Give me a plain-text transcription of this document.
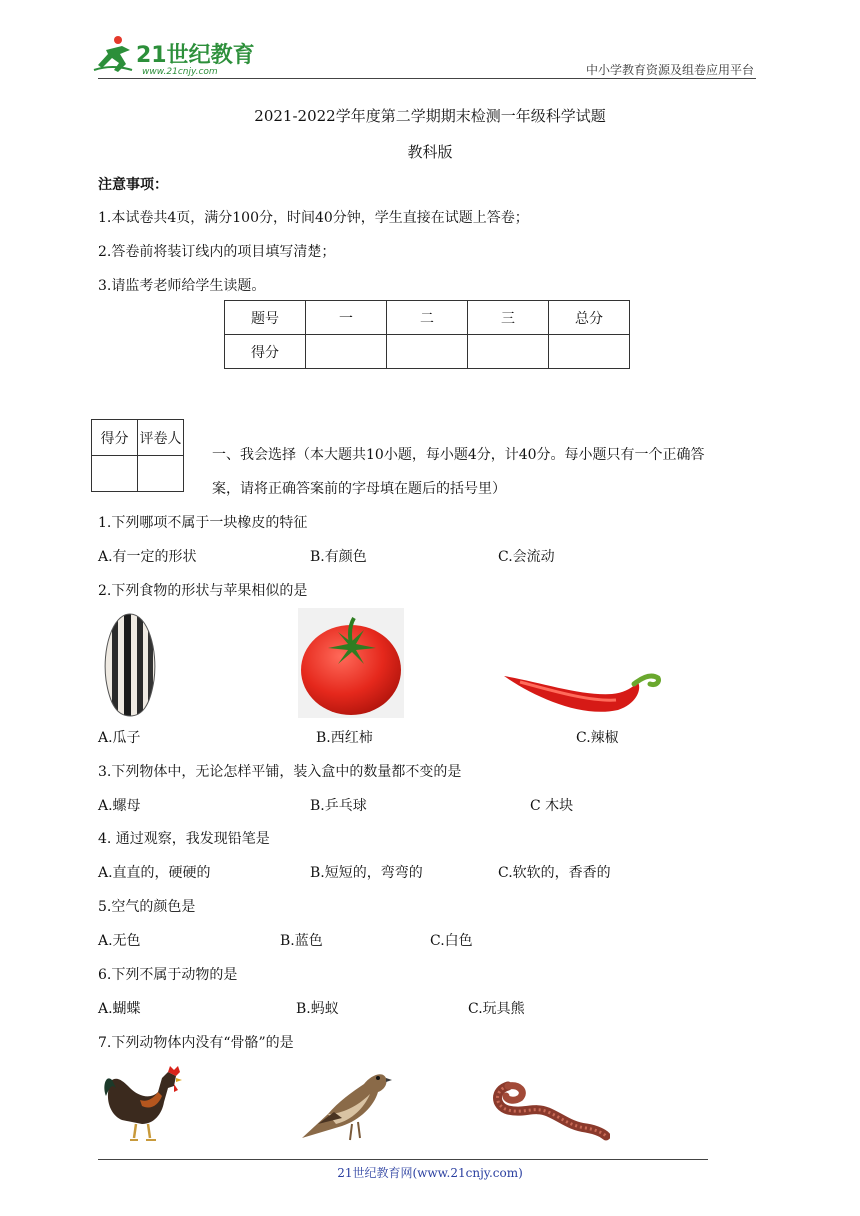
21世纪教育
www.21cnjy.com	中小学教育资源及组卷应用平台
2021-2022学年度第二学期期末检测一年级科学试题
教科版
注意事项：
1.本试卷共4页，满分100分，时间40分钟，学生直接在试题上答卷；
2.答卷前将装订线内的项目填写清楚；
3.请监考老师给学生读题。
题号	一	二	三	总分
得分				
得分	评卷人

一、我会选择（本大题共10小题，每小题4分，计40分。每小题只有一个正确答
案，请将正确答案前的字母填在题后的括号里）
1.下列哪项不属于一块橡皮的特征
A.有一定的形状	B.有颜色	C.会流动
2.下列食物的形状与苹果相似的是
A.瓜子	B.西红柿	C.辣椒
3.下列物体中，无论怎样平铺，装入盒中的数量都不变的是
A.螺母	B.乒乓球	C 木块
4. 通过观察，我发现铅笔是
A.直直的，硬硬的	B.短短的，弯弯的	C.软软的，香香的
5.空气的颜色是
A.无色	B.蓝色	C.白色
6.下列不属于动物的是
A.蝴蝶	B.蚂蚁	C.玩具熊
7.下列动物体内没有“骨骼”的是
21世纪教育网(www.21cnjy.com)
